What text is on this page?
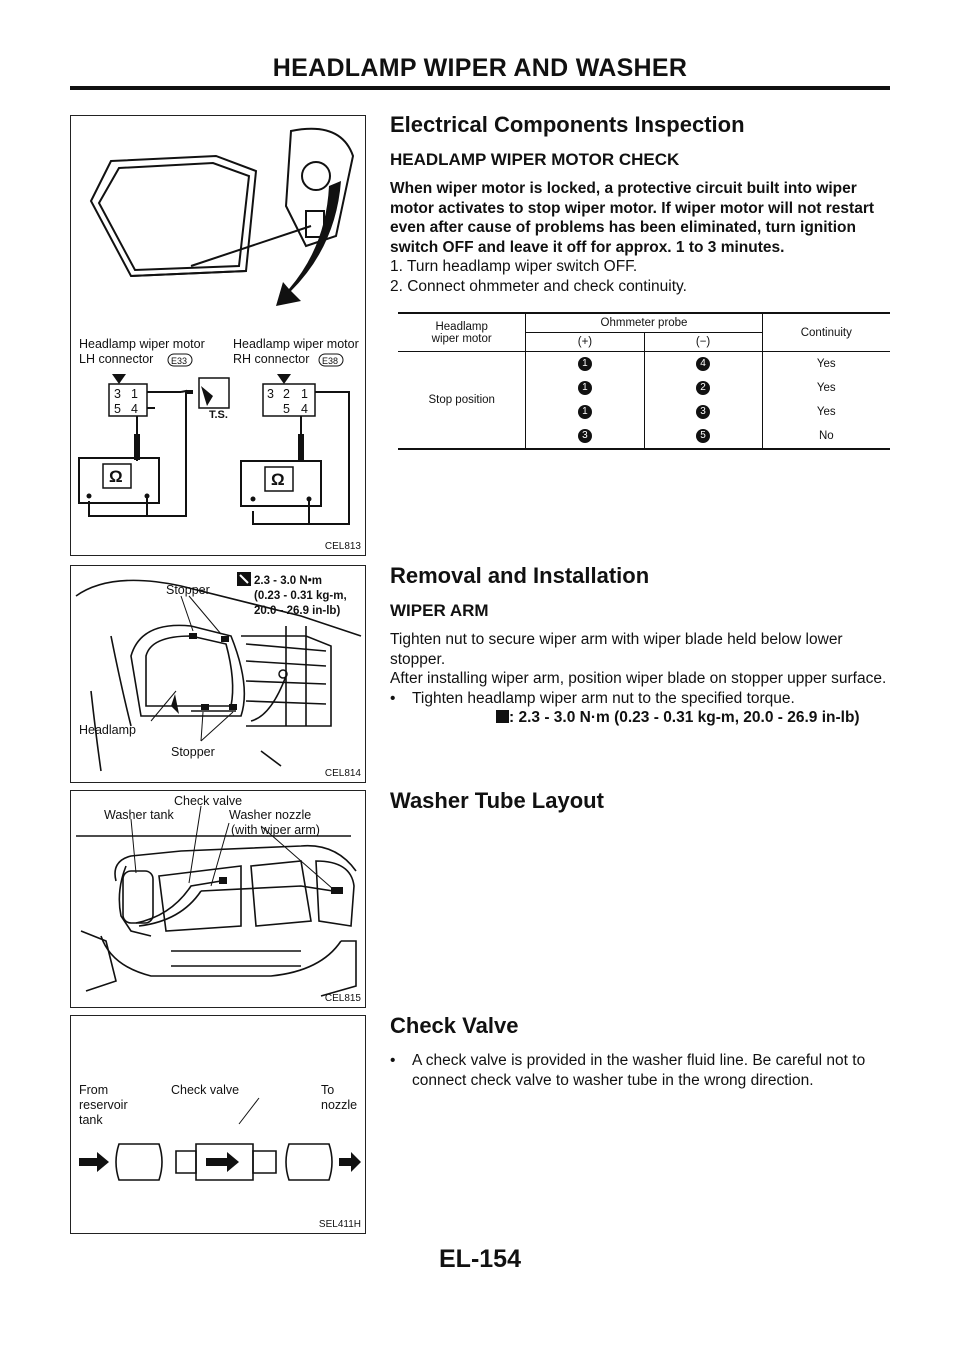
HEADLAMP WIPER AND WASHER
Headlamp wiper motor
LH connector E33
Headlamp wiper motor
RH connector E38
3 1
5 4
Ω
T.S.
3 2 1
5 4
Ω
CEL813
Stopper
Headlamp
Stopper
2.3 - 3.0 N•m
(0.23 - 0.31 kg-m,
20.0 - 26.9 in-lb)
CEL814
Check valve
Washer tank	Washer nozzle
(with wiper arm)
CEL815
From
reservoir
tank
Check valve	To
nozzle
SEL411H
Electrical Components Inspection
HEADLAMP WIPER MOTOR CHECK

When wiper motor is locked, a protective circuit built into wiper motor activates to stop wiper motor. If wiper motor will not restart even after cause of problems has been eliminated, turn ignition switch OFF and leave it off for approx. 1 to 3 minutes.

1. Turn headlamp wiper switch OFF.

2. Connect ohmmeter and check continuity.

Headlamp
wiper motor	Ohmmeter probe		Continuity
	(+)	(−)	
Stop position	1	4	Yes
	1	2	Yes
	1	3	Yes
	3	5	No
Removal and Installation
WIPER ARM

Tighten nut to secure wiper arm with wiper blade held below lower stopper.

After installing wiper arm, position wiper blade on stopper upper surface.

•	Tighten headlamp wiper arm nut to the specified torque.
: 2.3 - 3.0 N·m (0.23 - 0.31 kg-m, 20.0 - 26.9 in-lb)
Washer Tube Layout
Check Valve
•	A check valve is provided in the washer fluid line. Be careful not to connect check valve to washer tube in the wrong direction.
EL-154
